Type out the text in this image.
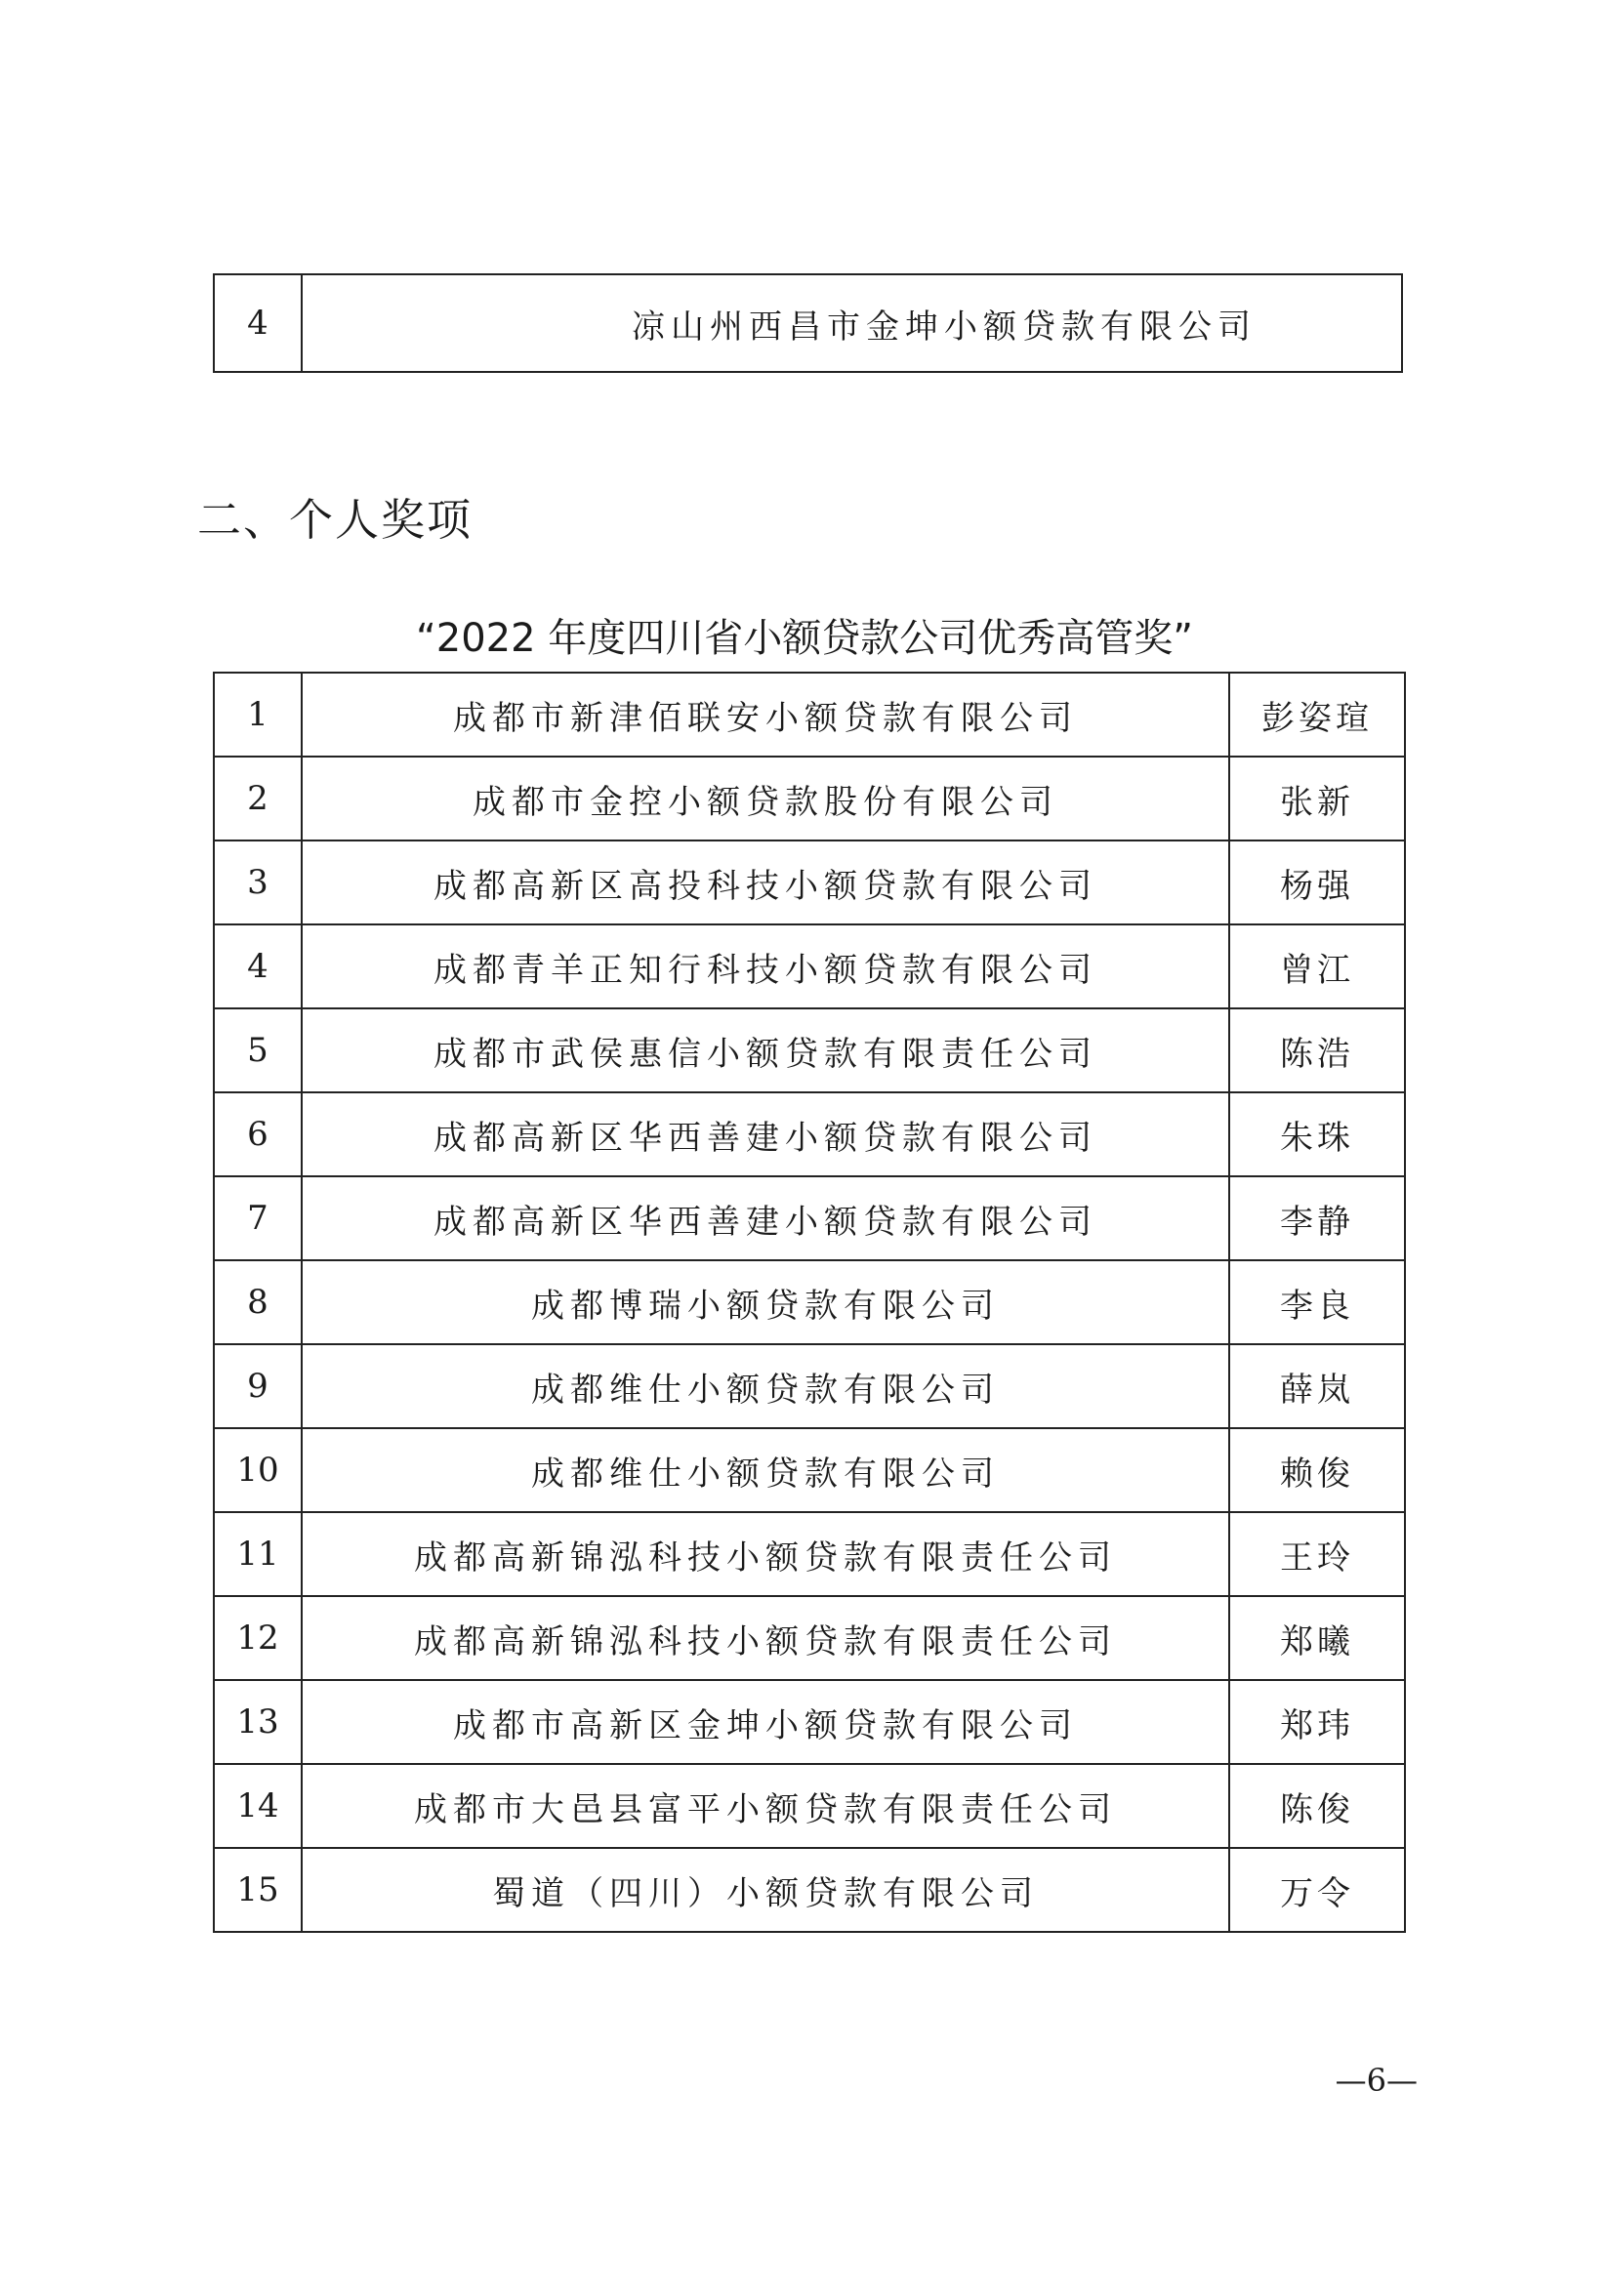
4	凉山州西昌市金坤小额贷款有限公司
二、个人奖项
“2022 年度四川省小额贷款公司优秀高管奖”
1	成都市新津佰联安小额贷款有限公司	彭姿瑄
2	成都市金控小额贷款股份有限公司	张新
3	成都高新区高投科技小额贷款有限公司	杨强
4	成都青羊正知行科技小额贷款有限公司	曾江
5	成都市武侯惠信小额贷款有限责任公司	陈浩
6	成都高新区华西善建小额贷款有限公司	朱珠
7	成都高新区华西善建小额贷款有限公司	李静
8	成都博瑞小额贷款有限公司	李良
9	成都维仕小额贷款有限公司	薛岚
10	成都维仕小额贷款有限公司	赖俊
11	成都高新锦泓科技小额贷款有限责任公司	王玲
12	成都高新锦泓科技小额贷款有限责任公司	郑曦
13	成都市高新区金坤小额贷款有限公司	郑玮
14	成都市大邑县富平小额贷款有限责任公司	陈俊
15	蜀道（四川）小额贷款有限公司	万令
—6—
